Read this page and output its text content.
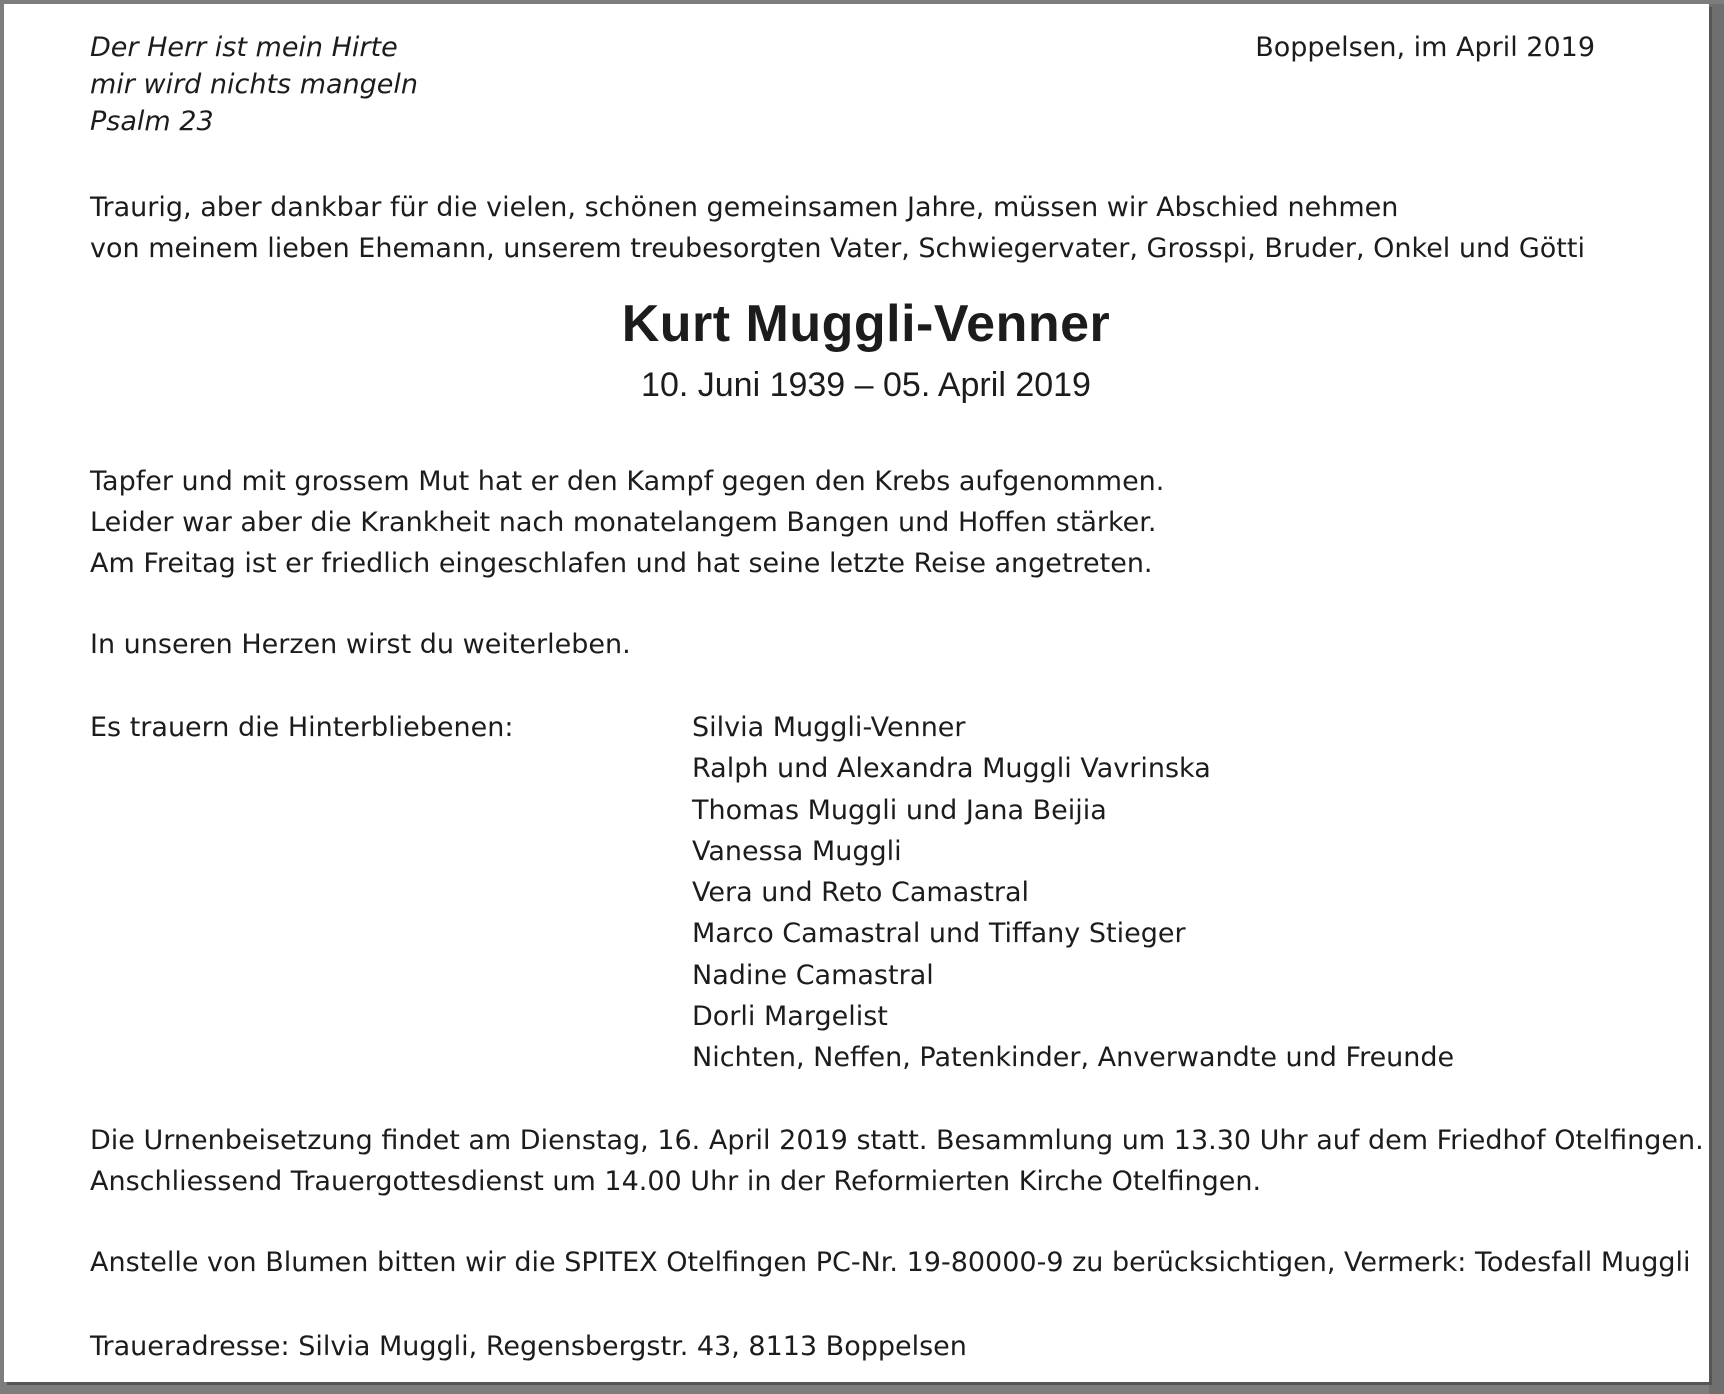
Der Herr ist mein Hirte
mir wird nichts mangeln
Psalm 23
Boppelsen, im April 2019
Traurig, aber dankbar für die vielen, schönen gemeinsamen Jahre, müssen wir Abschied nehmen
von meinem lieben Ehemann, unserem treubesorgten Vater, Schwiegervater, Grosspi, Bruder, Onkel und Götti
Kurt Muggli-Venner
10. Juni 1939 – 05. April 2019
Tapfer und mit grossem Mut hat er den Kampf gegen den Krebs aufgenommen.
Leider war aber die Krankheit nach monatelangem Bangen und Hoffen stärker.
Am Freitag ist er friedlich eingeschlafen und hat seine letzte Reise angetreten.
In unseren Herzen wirst du weiterleben.
Es trauern die Hinterbliebenen:	Silvia Muggli-Venner
Ralph und Alexandra Muggli Vavrinska
Thomas Muggli und Jana Beijia
Vanessa Muggli
Vera und Reto Camastral
Marco Camastral und Tiffany Stieger
Nadine Camastral
Dorli Margelist
Nichten, Neffen, Patenkinder, Anverwandte und Freunde
Die Urnenbeisetzung findet am Dienstag, 16. April 2019 statt. Besammlung um 13.30 Uhr auf dem Friedhof Otelfingen.
Anschliessend Trauergottesdienst um 14.00 Uhr in der Reformierten Kirche Otelfingen.
Anstelle von Blumen bitten wir die SPITEX Otelfingen PC-Nr. 19-80000-9 zu berücksichtigen, Vermerk: Todesfall Muggli
Traueradresse: Silvia Muggli, Regensbergstr. 43, 8113 Boppelsen
